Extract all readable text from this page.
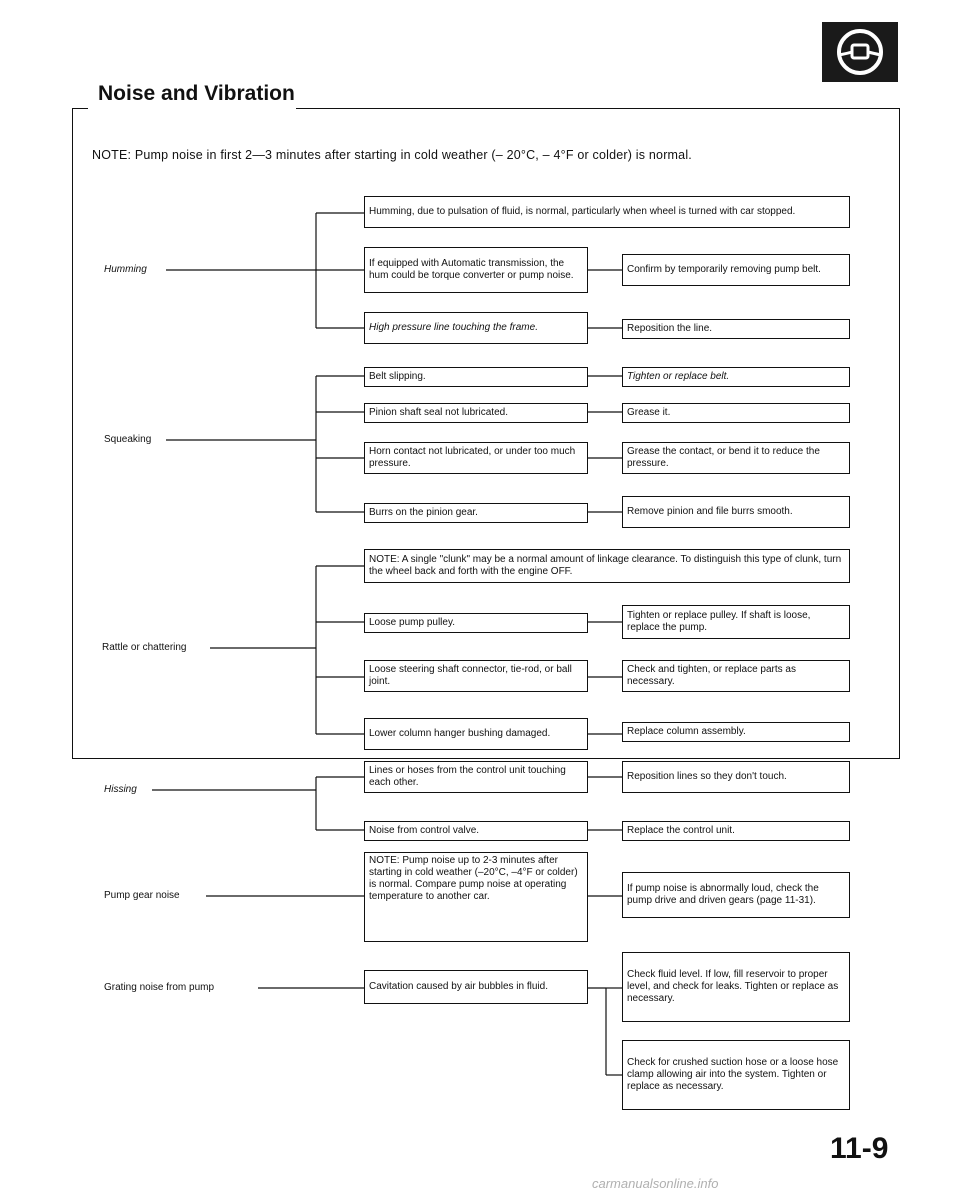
Noise and Vibration
NOTE: Pump noise in first 2—3 minutes after starting in cold weather (– 20°C, – 4°F or colder) is normal.
Humming
Squeaking
Rattle or chattering
Hissing
Pump gear noise
Grating noise from pump
Humming, due to pulsation of fluid, is normal, particularly when wheel is turned with car stopped.
If equipped with Automatic transmission, the hum could be torque converter or pump noise.
High pressure line touching the frame.
Belt slipping.
Pinion shaft seal not lubricated.
Horn contact not lubricated, or under too much pressure.
Burrs on the pinion gear.
NOTE: A single "clunk" may be a normal amount of linkage clearance. To distinguish this type of clunk, turn the wheel back and forth with the engine OFF.
Loose pump pulley.
Loose steering shaft connector, tie-rod, or ball joint.
Lower column hanger bushing damaged.
Lines or hoses from the control unit touching each other.
Noise from control valve.
NOTE: Pump noise up to 2-3 minutes after starting in cold weather (–20°C, –4°F or colder) is normal. Compare pump noise at operating temperature to another car.
Cavitation caused by air bubbles in fluid.
Confirm by temporarily removing pump belt.
Reposition the line.
Tighten or replace belt.
Grease it.
Grease the contact, or bend it to reduce the pressure.
Remove pinion and file burrs smooth.
Tighten or replace pulley. If shaft is loose, replace the pump.
Check and tighten, or replace parts as necessary.
Replace column assembly.
Reposition lines so they don't touch.
Replace the control unit.
If pump noise is abnormally loud, check the pump drive and driven gears (page 11-31).
Check fluid level. If low, fill reservoir to proper level, and check for leaks. Tighten or replace as necessary.
Check for crushed suction hose or a loose hose clamp allowing air into the system. Tighten or replace as necessary.
11-9
carmanualsonline.info
